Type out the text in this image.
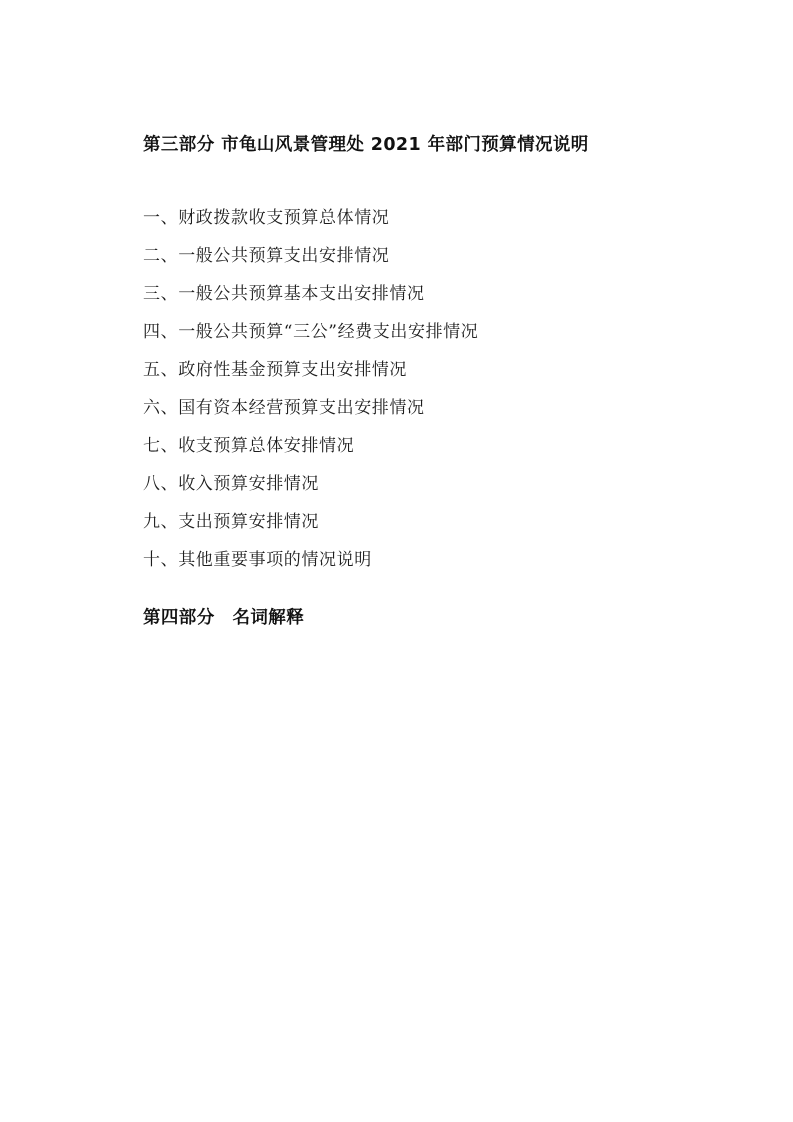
第三部分 市龟山风景管理处 2021 年部门预算情况说明
一、财政拨款收支预算总体情况
二、一般公共预算支出安排情况
三、一般公共预算基本支出安排情况
四、一般公共预算“三公”经费支出安排情况
五、政府性基金预算支出安排情况
六、国有资本经营预算支出安排情况
七、收支预算总体安排情况
八、收入预算安排情况
九、支出预算安排情况
十、其他重要事项的情况说明
第四部分　名词解释
